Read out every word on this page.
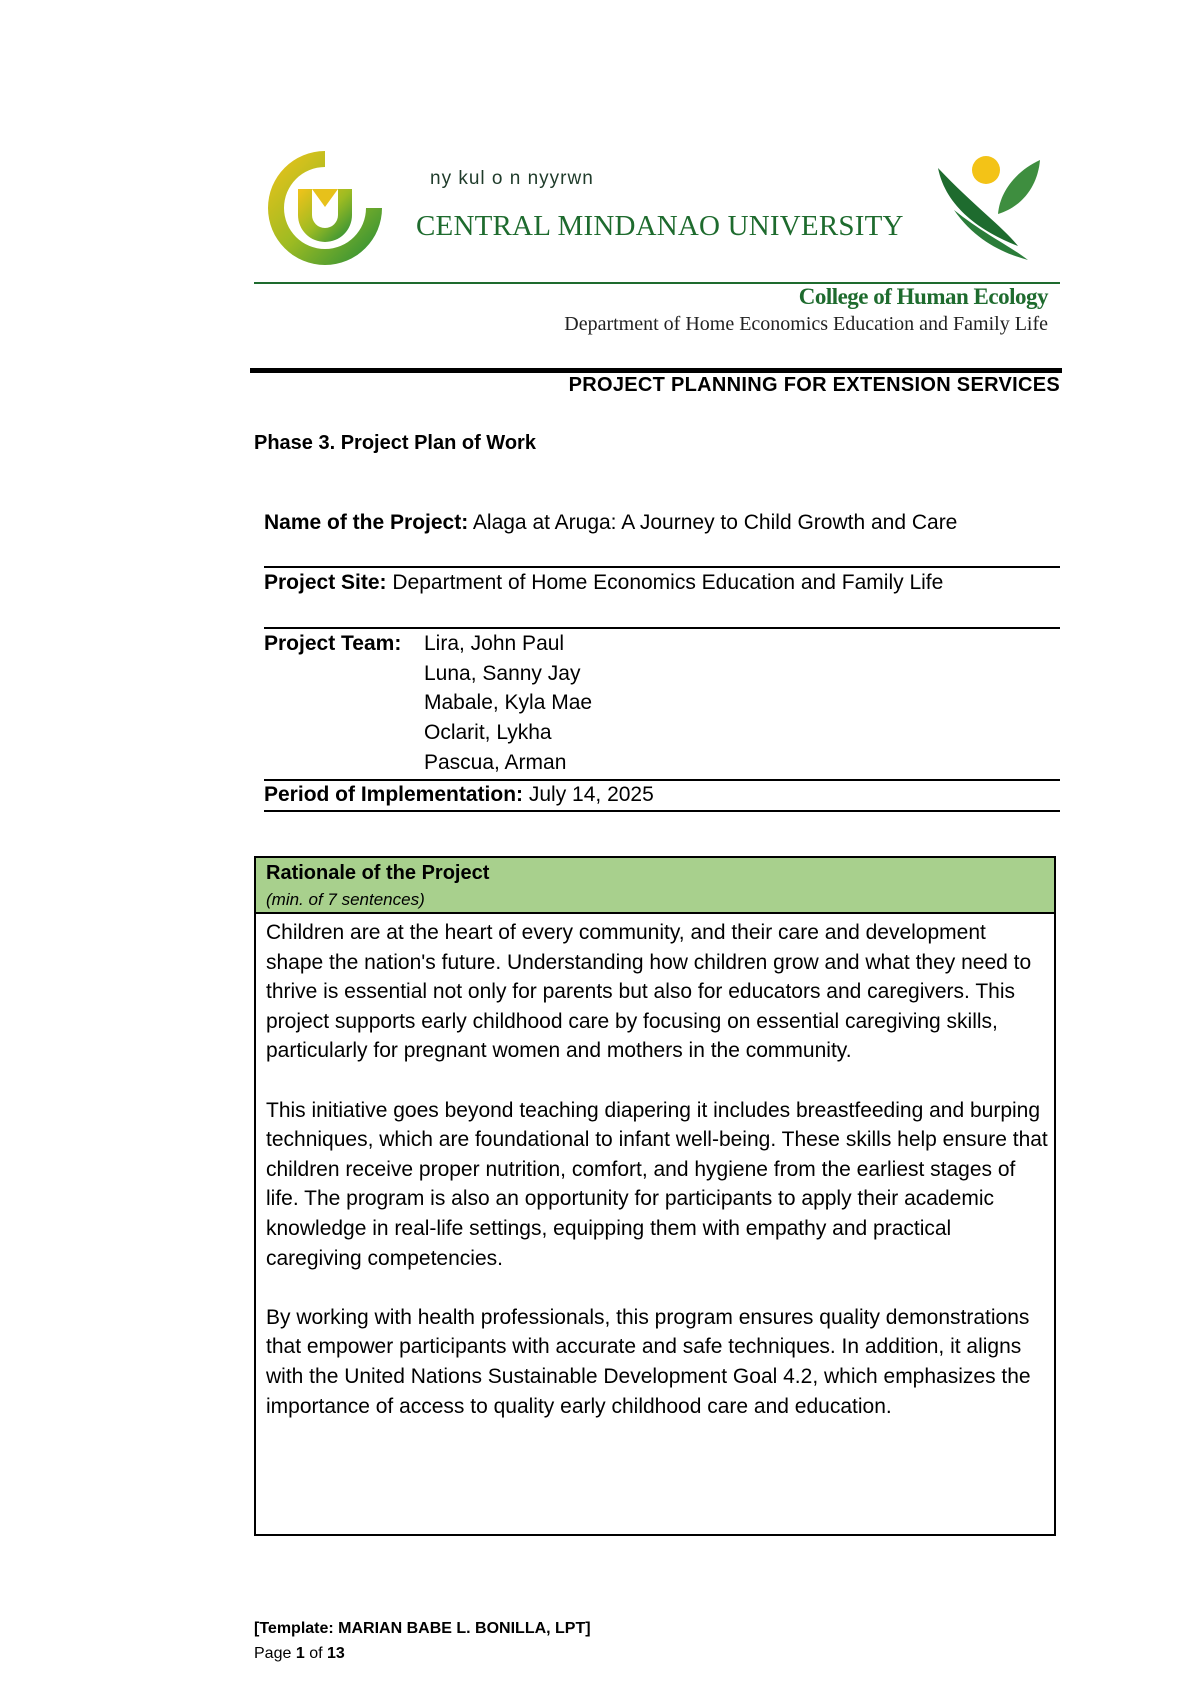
ny kul o n nyyrwn
CENTRAL MINDANAO UNIVERSITY
College of Human Ecology
Department of Home Economics Education and Family Life
PROJECT PLANNING FOR EXTENSION SERVICES
Phase 3. Project Plan of Work
Name of the Project: Alaga at Aruga: A Journey to Child Growth and Care
Project Site: Department of Home Economics Education and Family Life
Project Team:	Lira, John Paul
Luna, Sanny Jay
Mabale, Kyla Mae
Oclarit, Lykha
Pascua, Arman
Period of Implementation: July 14, 2025
Rationale of the Project
(min. of 7 sentences)

Children are at the heart of every community, and their care and development shape the nation's future. Understanding how children grow and what they need to thrive is essential not only for parents but also for educators and caregivers. This project supports early childhood care by focusing on essential caregiving skills, particularly for pregnant women and mothers in the community.

This initiative goes beyond teaching diapering it includes breastfeeding and burping techniques, which are foundational to infant well-being. These skills help ensure that children receive proper nutrition, comfort, and hygiene from the earliest stages of life. The program is also an opportunity for participants to apply their academic knowledge in real-life settings, equipping them with empathy and practical caregiving competencies.

By working with health professionals, this program ensures quality demonstrations that empower participants with accurate and safe techniques. In addition, it aligns with the United Nations Sustainable Development Goal 4.2, which emphasizes the importance of access to quality early childhood care and education.

[Template: MARIAN BABE L. BONILLA, LPT]
Page 1 of 13
